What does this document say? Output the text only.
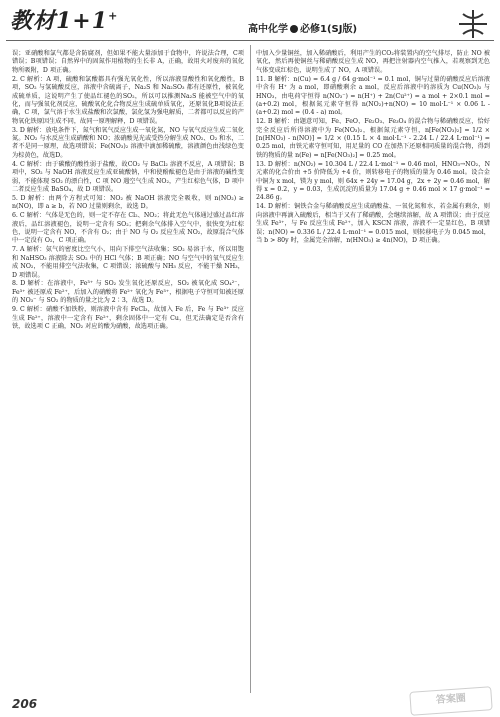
教材1+1+
高中化学 必修1(SJ版)

误；亚硝酸和氯气都是含防腐剂，但如果不能大量添加于食物中，许说法合理，C项错误；B项错误；自然界中的固氮作用植物的生长非 A，正确，故用火对废弃的氧化物所吸附，D 项正确。

2. C 解析：A 项，硫酸和氯酸都具有强光氧化性，所以溶液显酸性和氧化酸性，B 项，SO₂ 与氢硫酸反应，溶液中含硫离子，Na₂S 和 Na₂SO₃ 都有还原性，被氧化成硫单质，这说明产生了使品红褪色的SO₂，所以可以推测Na₂S 能被空气中的氧化，而与强氧化剂反应，硫酸氧化化合物反应生成硫单质氧化，还原氧化B项说法正确，C 项，氯气溶于水生成盐酸和次氯酸，氯化氢为强电解质，二者都可以反应的产物氧化铁原因生成不同，故同一原理解释，D 项错误。

3. D 解析：放电条件下，氮气和氧气反应生成一氧化氮，NO 与氧气反应生成二氧化氮。NO₂ 与水反应生成硝酸和 NO；浓硝酸见光或受热分解生成 NO₂、O₂ 和水，二者不是同一原理，故选项错误；Fe(NO₃)₂ 溶液中滴加稀硫酸，溶液颜色由浅绿色变为棕黄色，故选D。

4. C 解析：由于碳酸的酸性弱于盐酸，故CO₂ 与 BaCl₂ 溶液不反应，A 项错误；B 项中，SO₂ 与 NaOH 溶液反应生成亚硫酸钠，中和使酚酞褪色是由于溶液的碱性变弱，不能体现 SO₂ 的漂白性，C 项 NO 遇空气生成 NO₂，产生红棕色气体，D 项中二者反应生成 BaSO₄，故 D 项错误。

5. D 解析：由两个方程式可知：NO₂ 被 NaOH 溶液完全吸收，则 n(NO₂) ≥ n(NO)，即 a ≥ b，若 NO 过量则剩余，故选 D。

6. C 解析：气体是无色的，则一定不存在 Cl₂、NO₂；将此无色气体通过盛过品红溶液后，品红溶液褪色，说明一定含有 SO₂；把剩余气体排入空气中，很快变为红棕色，说明一定含有 NO，不含有 O₂；由于 NO 与 O₂ 反应生成 NO₂，故原混合气体中一定没有 O₂，C 项正确。

7. A 解析：氨气的密度比空气小，用向下排空气法收集；SO₂ 易溶于水，所以用饱和 NaHSO₃ 溶液除去 SO₂ 中的 HCl 气体；B 项正确；NO 与空气中的氧气反应生成 NO₂，不能用排空气法收集，C 项错误；浓硫酸与 NH₃ 反应，不能干燥 NH₃，D 项错误。

8. D 解析：在溶液中，Fe³⁺ 与 SO₂ 发生氧化还原反应，SO₂ 被氧化成 SO₄²⁻，Fe³⁺ 被还原成 Fe²⁺，后加入的硝酸将 Fe²⁺ 氧化为 Fe³⁺，根据电子守恒可知被还原的 NO₃⁻ 与 SO₂ 的物质的量之比为 2∶3，故选 D。

9. C 解析：硝酸不加铁粉，则溶液中含有 FeCl₃，故加入 Fe 后，Fe 与 Fe³⁺ 反应生成 Fe²⁺，溶液中一定含有 Fe²⁺，剩余固体中一定有 Cu，但无法确定是否含有铁，故选项 C 正确，NO₂ 对应的酸为硝酸，故选项正确。

中加入少量铜丝，加入稀硝酸后，利用产生的CO₂将装置内的空气排尽，防止 NO 被氧化，然后再使铜丝与稀硝酸反应生成 NO，再把注射器内空气推入，若观察到无色气体变成红棕色，说明生成了 NO，A 项错误。

11. B 解析：n(Cu) = 6.4 g / 64 g·mol⁻¹ = 0.1 mol，铜与过量的硝酸反应后溶液中含有 H⁺ 为 a mol，即硝酸剩余 a mol，反应后溶液中的溶质为 Cu(NO₃)₂ 与 HNO₃，由电荷守恒得 n(NO₃⁻) = n(H⁺) + 2n(Cu²⁺) = a mol + 2×0.1 mol = (a+0.2) mol，根据氮元素守恒得 n(NO₂)+n(NO) = 10 mol·L⁻¹ × 0.06 L - (a+0.2) mol = (0.4 - a) mol。

12. B 解析：由题意可知，Fe、FeO、Fe₂O₃、Fe₃O₄ 的混合物与稀硝酸反应，恰好完全反应后所得溶液中为 Fe(NO₃)₂，根据氮元素守恒，n[Fe(NO₃)₂] = 1/2 × [n(HNO₃) - n(NO)] = 1/2 × (0.15 L × 4 mol·L⁻¹ - 2.24 L / 22.4 L·mol⁻¹) = 0.25 mol，由铁元素守恒可知，用足量的 CO 在加热下还原相同质量的混合物，得到铁的物质的量 n(Fe) = n[Fe(NO₃)₂] = 0.25 mol。

13. D 解析：n(NO₂) = 10.304 L / 22.4 L·mol⁻¹ = 0.46 mol，HNO₃→NO₂，N 元素的化合价由 +5 价降低为 +4 价，则转移电子的物质的量为 0.46 mol。设合金中铜为 x mol，镁为 y mol，则 64x + 24y = 17.04 g，2x + 2y = 0.46 mol，解得 x = 0.2，y = 0.03，生成沉淀的质量为 17.04 g + 0.46 mol × 17 g·mol⁻¹ = 24.86 g。

14. D 解析：铜铁合金与稀硝酸反应生成硝酸盐、一氧化氮和水，若金属有剩余，则向溶液中再滴入硫酸后，相当于又有了稀硝酸，会继续溶解，故 A 项错误；由于反应生成 Fe³⁺，与 Fe 反应生成 Fe²⁺，加入 KSCN 溶液，溶液不一定显红色，B 项错误；n(NO) = 0.336 L / 22.4 L·mol⁻¹ = 0.015 mol，则转移电子为 0.045 mol，当 b > 80y 时，金属完全溶解，n(HNO₃) ≥ 4n(NO)，D 项正确。

206	答案圈
